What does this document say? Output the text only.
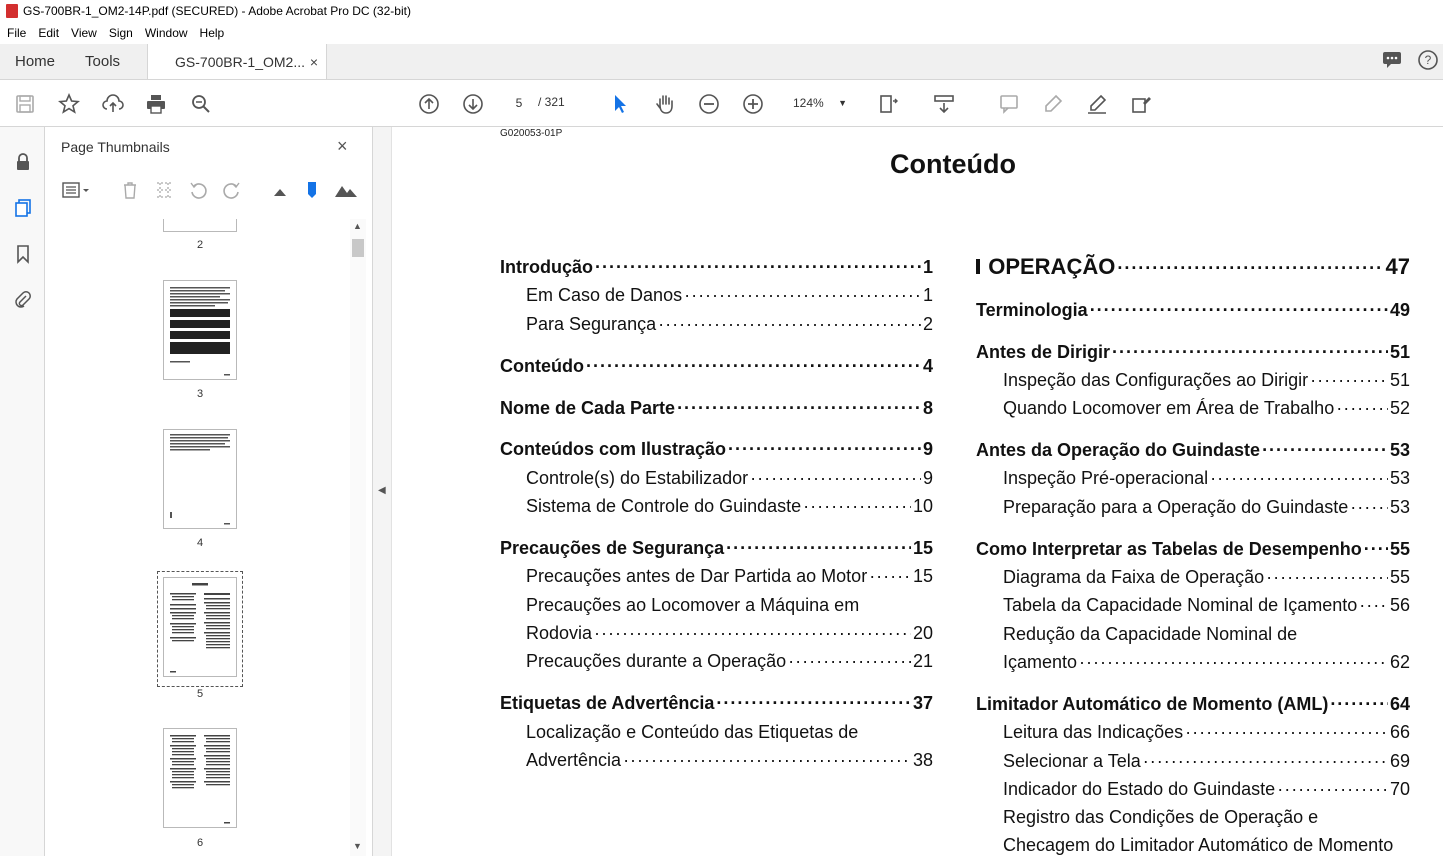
GS-700BR-1_OM2-14P.pdf (SECURED) - Adobe Acrobat Pro DC (32-bit)
File Edit View Sign Window Help
Home	Tools	GS-700BR-1_OM2... ×	?
5	/ 321	124% ▼
Page Thumbnails	×
2
3
4
5
6
▲
▼
◀
G020053-01P
Conteúdo
Introdução ·····	1
Em Caso de Danos ·····	1
Para Segurança ·····	2
Conteúdo ·····	4
Nome de Cada Parte ·····	8
Conteúdos com Ilustração ·····	9
Controle(s) do Estabilizador ·····	9
Sistema de Controle do Guindaste ·····	10
Precauções de Segurança ·····	15
Precauções antes de Dar Partida ao Motor ·····	15
Precauções ao Locomover a Máquina em
Rodovia ·····	20
Precauções durante a Operação ·····	21
Etiquetas de Advertência ·····	37
Localização e Conteúdo das Etiquetas de
Advertência ·····	38
OPERAÇÃO ·····	47
Terminologia ·····	49
Antes de Dirigir ·····	51
Inspeção das Configurações ao Dirigir ·····	51
Quando Locomover em Área de Trabalho ·····	52
Antes da Operação do Guindaste ·····	53
Inspeção Pré-operacional ·····	53
Preparação para a Operação do Guindaste ····· 53
Como Interpretar as Tabelas de Desempenho ····· 55
Diagrama da Faixa de Operação ·····	55
Tabela da Capacidade Nominal de Içamento ····· 56
Redução da Capacidade Nominal de
Içamento ·····	62
Limitador Automático de Momento (AML) ·····	64
Leitura das Indicações ·····	66
Selecionar a Tela ·····	69
Indicador do Estado do Guindaste ·····	70
Registro das Condições de Operação e
Checagem do Limitador Automático de Momento
